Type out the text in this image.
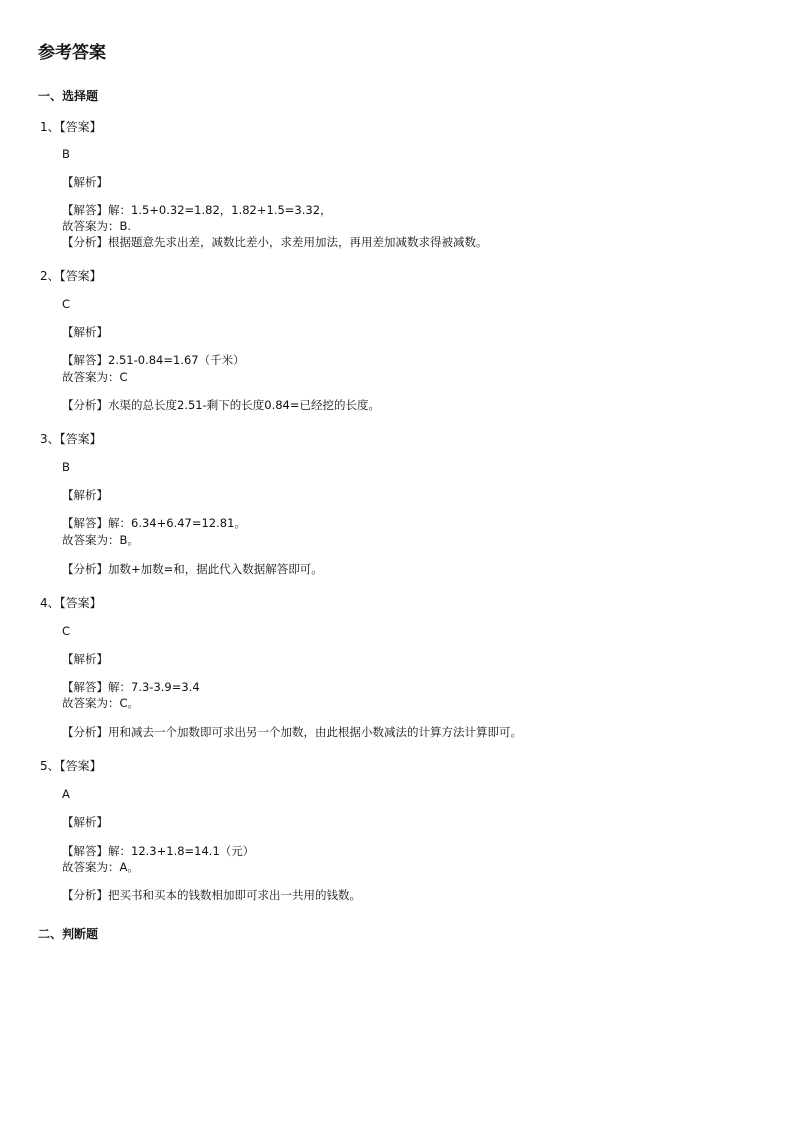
参考答案
一、选择题
1、【答案】
B
【解析】
【解答】解：1.5+0.32=1.82，1.82+1.5=3.32，
故答案为：B.
【分析】根据题意先求出差，减数比差小，求差用加法，再用差加减数求得被减数。
2、【答案】
C
【解析】
【解答】2.51-0.84=1.67（千米）
故答案为：C
【分析】水渠的总长度2.51-剩下的长度0.84=已经挖的长度。
3、【答案】
B
【解析】
【解答】解：6.34+6.47=12.81。
故答案为：B。
【分析】加数+加数=和，据此代入数据解答即可。
4、【答案】
C
【解析】
【解答】解：7.3-3.9=3.4
故答案为：C。
【分析】用和减去一个加数即可求出另一个加数，由此根据小数减法的计算方法计算即可。
5、【答案】
A
【解析】
【解答】解：12.3+1.8=14.1（元）
故答案为：A。
【分析】把买书和买本的钱数相加即可求出一共用的钱数。
二、判断题
